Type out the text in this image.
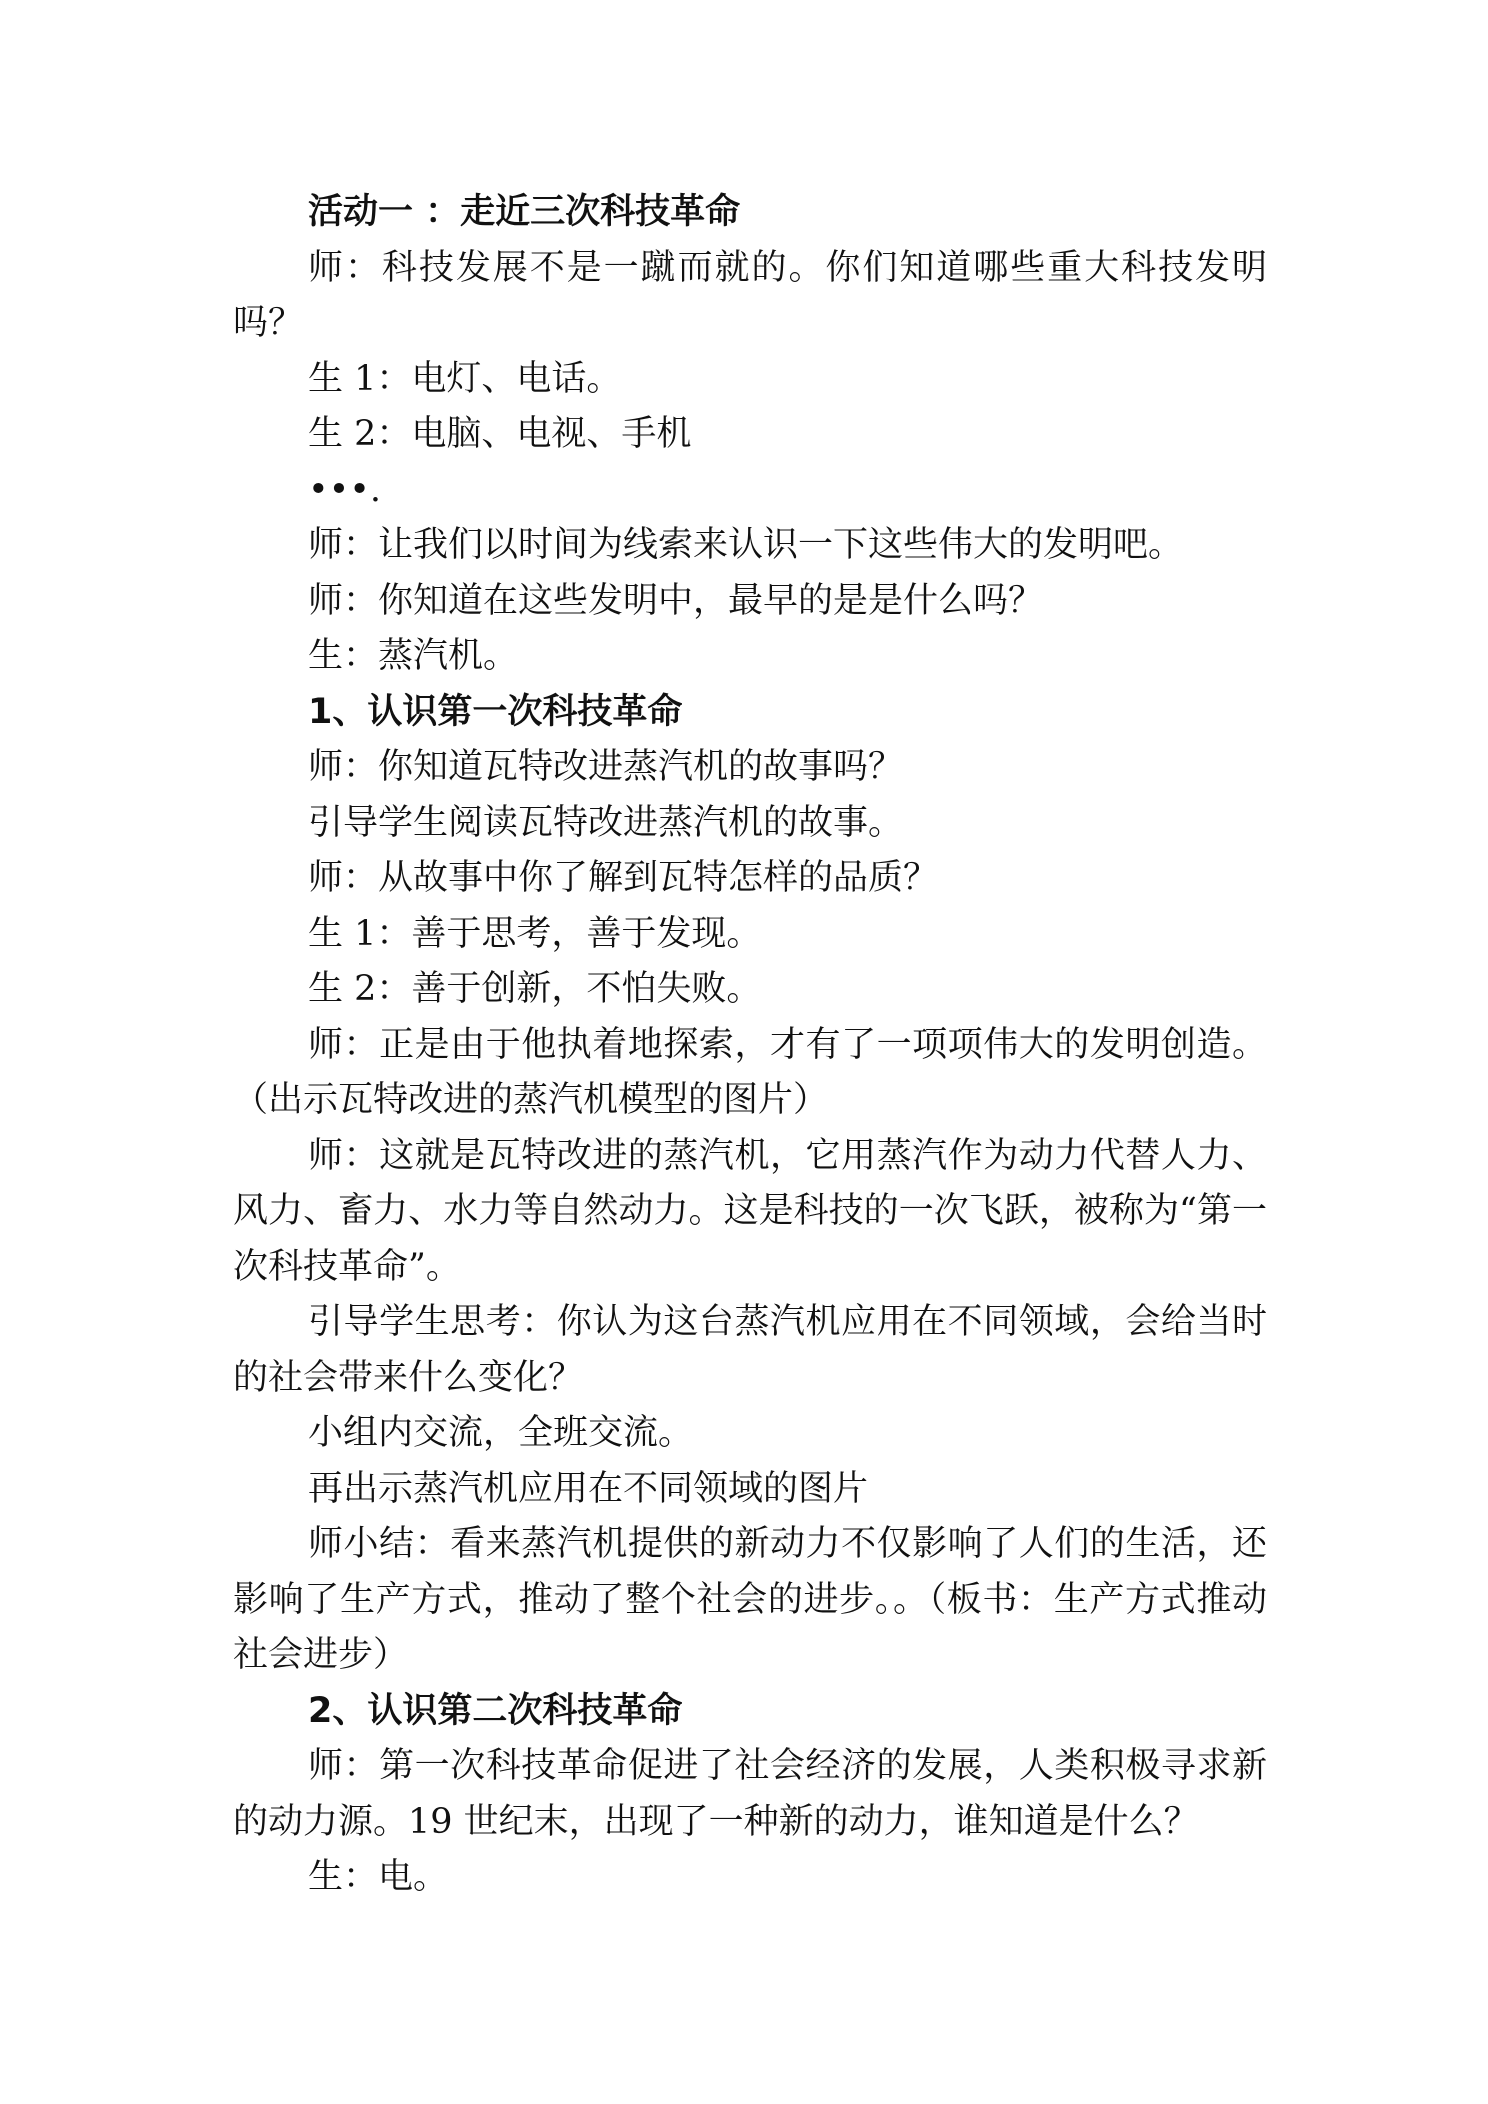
活动一 ：走近三次科技革命

师：科技发展不是一蹴而就的。你们知道哪些重大科技发明吗？

生 1：电灯、电话。

生 2：电脑、电视、手机

•••.

师：让我们以时间为线索来认识一下这些伟大的发明吧。

师：你知道在这些发明中，最早的是是什么吗？

生：蒸汽机。

1、认识第一次科技革命

师：你知道瓦特改进蒸汽机的故事吗？

引导学生阅读瓦特改进蒸汽机的故事。

师：从故事中你了解到瓦特怎样的品质？

生 1：善于思考，善于发现。

生 2：善于创新，不怕失败。

师：正是由于他执着地探索，才有了一项项伟大的发明创造。（出示瓦特改进的蒸汽机模型的图片）

师：这就是瓦特改进的蒸汽机，它用蒸汽作为动力代替人力、风力、畜力、水力等自然动力。这是科技的一次飞跃，被称为“第一次科技革命”。

引导学生思考：你认为这台蒸汽机应用在不同领域，会给当时的社会带来什么变化？

小组内交流，全班交流。

再出示蒸汽机应用在不同领域的图片

师小结：看来蒸汽机提供的新动力不仅影响了人们的生活，还影响了生产方式，推动了整个社会的进步。。（板书：生产方式推动社会进步）

2、认识第二次科技革命

师：第一次科技革命促进了社会经济的发展，人类积极寻求新的动力源。19 世纪末，出现了一种新的动力，谁知道是什么？

生：电。
